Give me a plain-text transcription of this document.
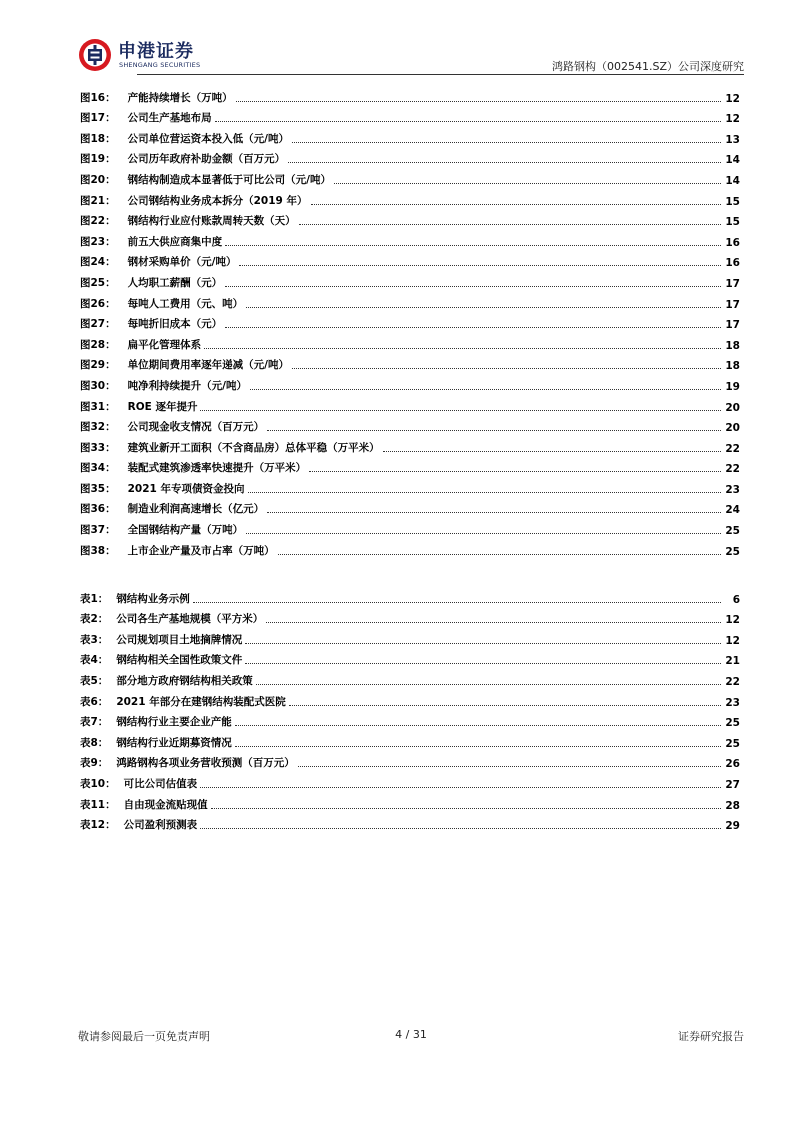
申港证券
SHENGANG SECURITIES	鸿路钢构（002541.SZ）公司深度研究
图16： 产能持续增长（万吨）	12
图17： 公司生产基地布局	12
图18： 公司单位营运资本投入低（元/吨）	13
图19： 公司历年政府补助金额（百万元）	14
图20： 钢结构制造成本显著低于可比公司（元/吨）	14
图21： 公司钢结构业务成本拆分（2019 年）	15
图22： 钢结构行业应付账款周转天数（天）	15
图23： 前五大供应商集中度	16
图24： 钢材采购单价（元/吨）	16
图25： 人均职工薪酬（元）	17
图26： 每吨人工费用（元、吨）	17
图27： 每吨折旧成本（元）	17
图28： 扁平化管理体系	18
图29： 单位期间费用率逐年递减（元/吨）	18
图30： 吨净利持续提升（元/吨）	19
图31： ROE 逐年提升	20
图32： 公司现金收支情况（百万元）	20
图33： 建筑业新开工面积（不含商品房）总体平稳（万平米）	22
图34： 装配式建筑渗透率快速提升（万平米）	22
图35： 2021 年专项债资金投向	23
图36： 制造业利润高速增长（亿元）	24
图37： 全国钢结构产量（万吨）	25
图38： 上市企业产量及市占率（万吨）	25
表1： 钢结构业务示例	6
表2： 公司各生产基地规模（平方米）	12
表3： 公司规划项目土地摘牌情况	12
表4： 钢结构相关全国性政策文件	21
表5： 部分地方政府钢结构相关政策	22
表6： 2021 年部分在建钢结构装配式医院	23
表7： 钢结构行业主要企业产能	25
表8： 钢结构行业近期募资情况	25
表9： 鸿路钢构各项业务营收预测（百万元）	26
表10： 可比公司估值表	27
表11： 自由现金流贴现值	28
表12： 公司盈利预测表	29
敬请参阅最后一页免责声明	4 / 31	证券研究报告
